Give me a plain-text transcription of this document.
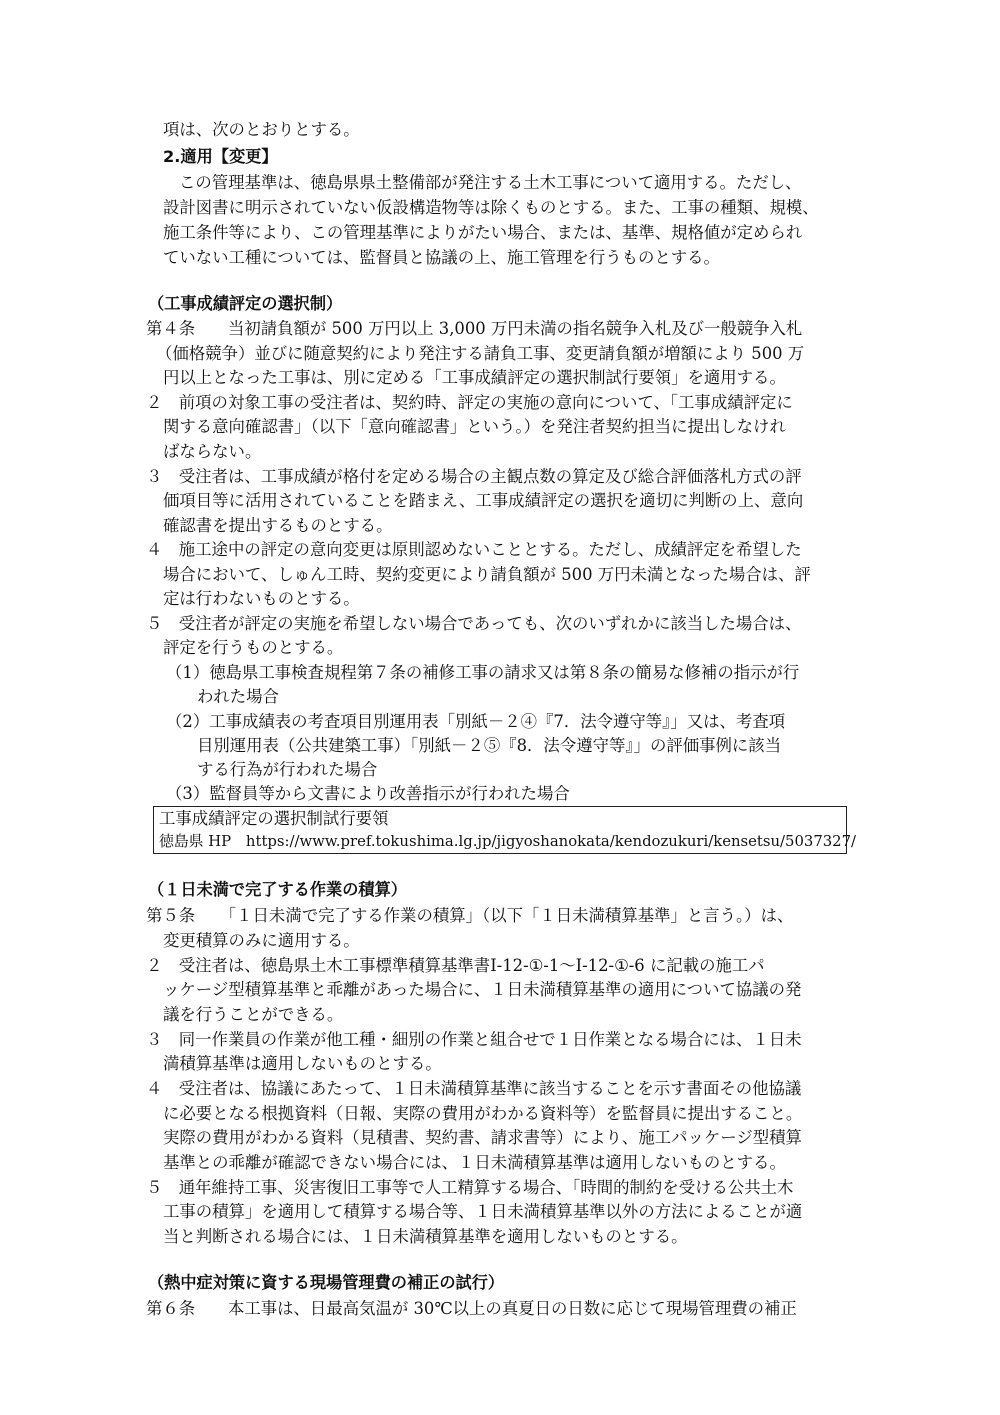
項は、次のとおりとする。
2.適用【変更】
この管理基準は、徳島県県土整備部が発注する土木工事について適用する。ただし、
設計図書に明示されていない仮設構造物等は除くものとする。また、工事の種類、規模、
施工条件等により、この管理基準によりがたい場合、または、基準、規格値が定められ
ていない工種については、監督員と協議の上、施工管理を行うものとする。
（工事成績評定の選択制）
第４条　　当初請負額が 500 万円以上 3,000 万円未満の指名競争入札及び一般競争入札
（価格競争）並びに随意契約により発注する請負工事、変更請負額が増額により 500 万
円以上となった工事は、別に定める「工事成績評定の選択制試行要領」を適用する。
２　前項の対象工事の受注者は、契約時、評定の実施の意向について、「工事成績評定に
関する意向確認書」（以下「意向確認書」という。）を発注者契約担当に提出しなけれ
ばならない。
３　受注者は、工事成績が格付を定める場合の主観点数の算定及び総合評価落札方式の評
価項目等に活用されていることを踏まえ、工事成績評定の選択を適切に判断の上、意向
確認書を提出するものとする。
４　施工途中の評定の意向変更は原則認めないこととする。ただし、成績評定を希望した
場合において、しゅん工時、契約変更により請負額が 500 万円未満となった場合は、評
定は行わないものとする。
５　受注者が評定の実施を希望しない場合であっても、次のいずれかに該当した場合は、
評定を行うものとする。
（1）徳島県工事検査規程第７条の補修工事の請求又は第８条の簡易な修補の指示が行
われた場合
（2）工事成績表の考査項目別運用表「別紙－２④『7．法令遵守等』」又は、考査項
目別運用表（公共建築工事）「別紙－２⑤『8．法令遵守等』」の評価事例に該当
する行為が行われた場合
（3）監督員等から文書により改善指示が行われた場合
工事成績評定の選択制試行要領
徳島県 HP　https://www.pref.tokushima.lg.jp/jigyoshanokata/kendozukuri/kensetsu/5037327/
（１日未満で完了する作業の積算）
第５条　　「１日未満で完了する作業の積算」（以下「１日未満積算基準」と言う。）は、
変更積算のみに適用する。
２　受注者は、徳島県土木工事標準積算基準書Ⅰ-12-①-1～Ⅰ-12-①-6 に記載の施工パ
ッケージ型積算基準と乖離があった場合に、１日未満積算基準の適用について協議の発
議を行うことができる。
３　同一作業員の作業が他工種・細別の作業と組合せで１日作業となる場合には、１日未
満積算基準は適用しないものとする。
４　受注者は、協議にあたって、１日未満積算基準に該当することを示す書面その他協議
に必要となる根拠資料（日報、実際の費用がわかる資料等）を監督員に提出すること。
実際の費用がわかる資料（見積書、契約書、請求書等）により、施工パッケージ型積算
基準との乖離が確認できない場合には、１日未満積算基準は適用しないものとする。
５　通年維持工事、災害復旧工事等で人工精算する場合、「時間的制約を受ける公共土木
工事の積算」を適用して積算する場合等、１日未満積算基準以外の方法によることが適
当と判断される場合には、１日未満積算基準を適用しないものとする。
（熱中症対策に資する現場管理費の補正の試行）
第６条　　本工事は、日最高気温が 30℃以上の真夏日の日数に応じて現場管理費の補正
